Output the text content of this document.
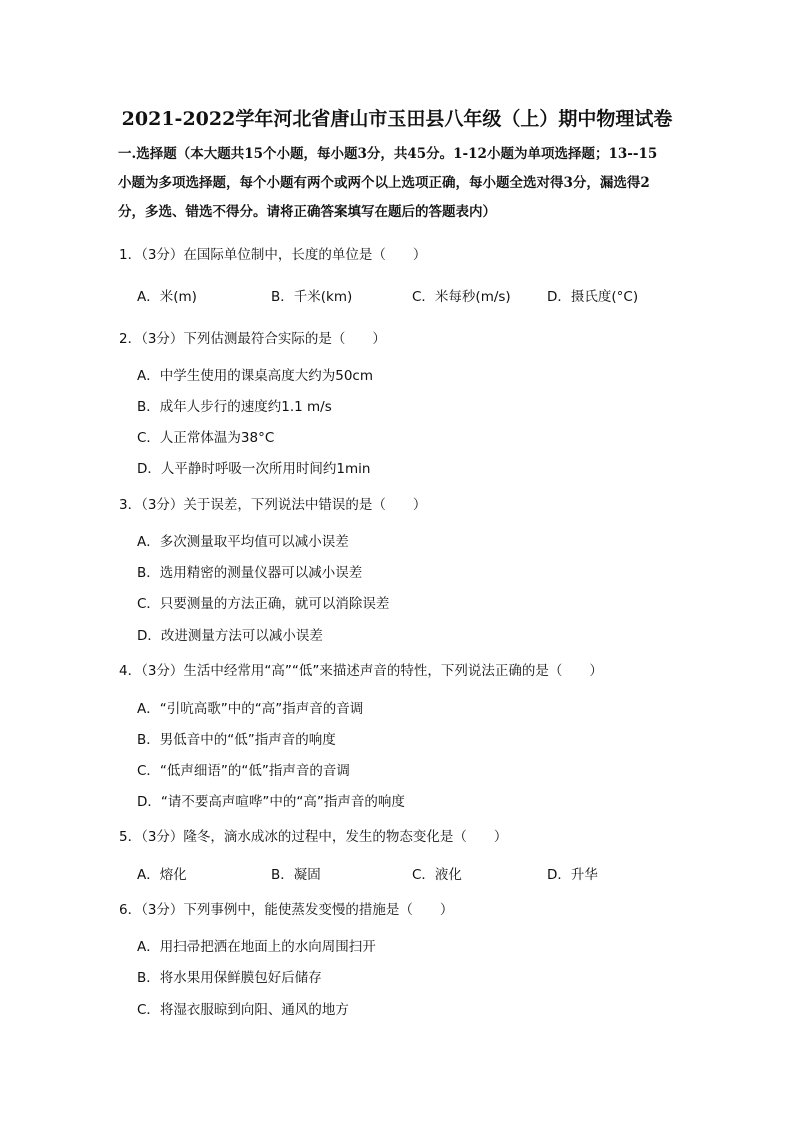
2021-2022学年河北省唐山市玉田县八年级（上）期中物理试卷
一.选择题（本大题共15个小题，每小题3分，共45分。1-12小题为单项选择题；13--15
小题为多项选择题，每个小题有两个或两个以上选项正确，每小题全选对得3分，漏选得2
分，多选、错选不得分。请将正确答案填写在题后的答题表内）
1．（3分）在国际单位制中，长度的单位是（　　）
A．米(m)	B．千米(km)	C．米每秒(m/s)	D．摄氏度(°C)
2．（3分）下列估测最符合实际的是（　　）
A．中学生使用的课桌高度大约为50cm
B．成年人步行的速度约1.1 m/s
C．人正常体温为38°C
D．人平静时呼吸一次所用时间约1min
3．（3分）关于误差，下列说法中错误的是（　　）
A．多次测量取平均值可以减小误差
B．选用精密的测量仪器可以减小误差
C．只要测量的方法正确，就可以消除误差
D．改进测量方法可以减小误差
4．（3分）生活中经常用“高”“低”来描述声音的特性，下列说法正确的是（　　）
A．“引吭高歌”中的“高”指声音的音调
B．男低音中的“低”指声音的响度
C．“低声细语”的“低”指声音的音调
D．“请不要高声喧哗”中的“高”指声音的响度
5．（3分）隆冬，滴水成冰的过程中，发生的物态变化是（　　）
A．熔化	B．凝固	C．液化	D．升华
6．（3分）下列事例中，能使蒸发变慢的措施是（　　）
A．用扫帚把洒在地面上的水向周围扫开
B．将水果用保鲜膜包好后储存
C．将湿衣服晾到向阳、通风的地方
